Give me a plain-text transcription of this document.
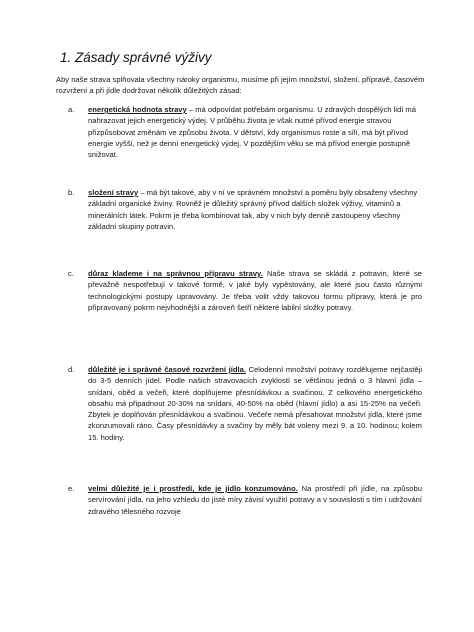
1. Zásady správné výživy

Aby naše strava splňovala všechny nároky organismu, musíme při jejím množství, složení, přípravě, časovém rozvržení a při jídle dodržovat několik důležitých zásad:

a. energetická hodnota stravy – má odpovídat potřebám organismu. U zdravých dospělých lidí má nahrazovat jejich energetický výdej. V průběhu života je však nutné přívod energie stravou přizpůsobovat změnám ve způsobu života. V dětství, kdy organismus roste a sílí, má být přívod energie vyšší, než je denní energetický výdej. V pozdějším věku se má přívod energie postupně snižovat.

b. složení stravy – má být takové, aby v ní ve správném množství a poměru byly obsaženy všechny základní organické živiny. Rovněž je důležitý správný přívod dalších složek výživy, vitaminů a minerálních látek. Pokrm je třeba kombinovat tak, aby v nich byly denně zastoupeny všechny základní skupiny potravin.

c. důraz klademe i na správnou přípravu stravy. Naše strava se skládá z potravin, které se převážně nespotřebují v takové formě, v jaké byly vypěstovány, ale které jsou často různými technologickými postupy upravovány. Je třeba volit vždy takovou formu přípravy, která je pro připravovaný pokrm nejvhodnější a zároveň šetří některé labilní složky potravy.

d. důležité je i správné časové rozvržení jídla. Celodenní množství potravy rozdělujeme nejčastěji do 3-5 denních jídel. Podle našich stravovacích zvyklostí se většinou jedná o 3 hlavní jídla – snídani, oběd a večeři, které doplňujeme přesnídávkou a svačinou. Z celkového energetického obsahu má připadnout 20-30% na snídani, 40-50% na oběd (hlavní jídlo) a asi 15-25% na večeři. Zbytek je doplňován přesnídávkou a svačinou. Večeře nemá přesahovat množství jídla, které jsme zkonzumovali ráno. Časy přesnídávky a svačiny by měly bát voleny mezi 9. a 10. hodinou; kolem 15. hodiny.

e. velmi důležité je i prostředí, kde je jídlo konzumováno. Na prostředí při jídle, na způsobu servírování jídla, na jeho vzhledu do jisté míry závisí využití potravy a v souvislosti s tím i udržování zdravého tělesného rozvoje
